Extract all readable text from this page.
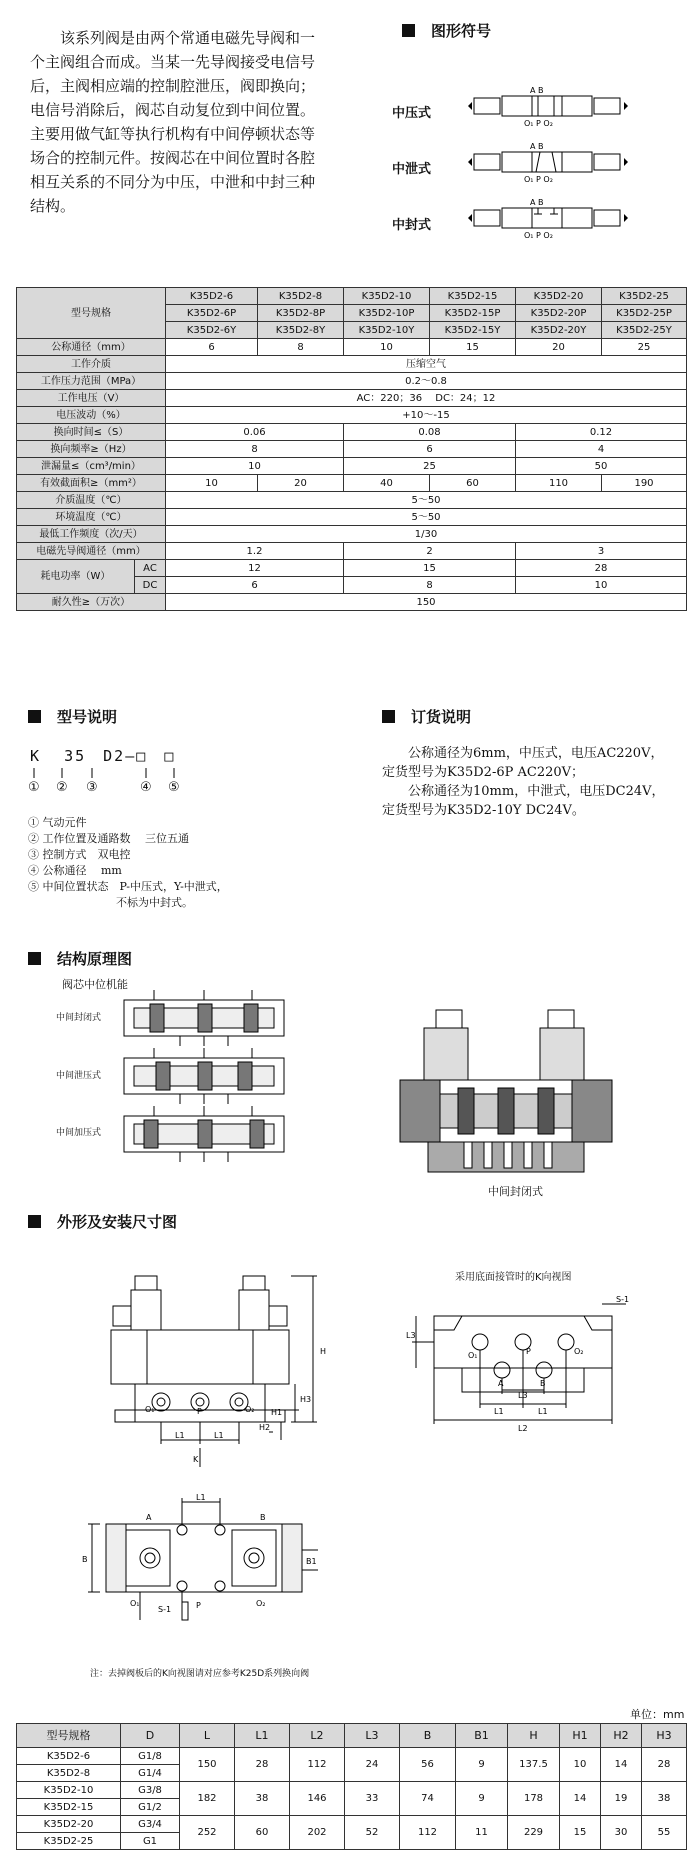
该系列阀是由两个常通电磁先导阀和一个主阀组合而成。当某一先导阀接受电信号后，主阀相应端的控制腔泄压，阀即换向；电信号消除后，阀芯自动复位到中间位置。主要用做气缸等执行机构有中间停顿状态等场合的控制元件。按阀芯在中间位置时各腔相互关系的不同分为中压，中泄和中封三种结构。

图形符号
中压式
中泄式
中封式
A B
O₁ P O₂
A B
O₁ P O₂
A B
O₁ P O₂
型号规格		K35D2-6	K35D2-8	K35D2-10	K35D2-15	K35D2-20	K35D2-25
		K35D2-6P	K35D2-8P	K35D2-10P	K35D2-15P	K35D2-20P	K35D2-25P
		K35D2-6Y	K35D2-8Y	K35D2-10Y	K35D2-15Y	K35D2-20Y	K35D2-25Y
公称通径（mm）		6	8	10	15	20	25
工作介质		压缩空气					
工作压力范围（MPa）		0.2～0.8					
工作电压（V）		AC：220；36　 DC：24；12					
电压波动（%）		+10～-15					
换向时间≤（S）		0.06		0.08		0.12	
换向频率≥（Hz）		8		6		4	
泄漏量≤（cm³/min）		10		25		50	
有效截面积≥（mm²）		10	20	40	60	110	190
介质温度（℃）		5～50					
环境温度（℃）		5～50					
最低工作频度（次/天）		1/30					
电磁先导阀通径（mm）		1.2		2		3	
耗电功率（W）	AC	12		15		28	
	DC	6		8		10	
耐久性≥（万次）		150					
型号说明
K 35 D2—□ □
① ② ③	④ ⑤
① 气动元件
② 工作位置及通路数　 三位五通
③ 控制方式　双电控
④ 公称通径　 mm
⑤ 中间位置状态　P-中压式，Y-中泄式，
　　　　　　　　不标为中封式。
订货说明

公称通径为6mm，中压式，电压AC220V，定货型号为K35D2-6P AC220V；

公称通径为10mm，中泄式，电压DC24V，定货型号为K35D2-10Y DC24V。

结构原理图
阀芯中位机能
中间封闭式
中间泄压式
中间加压式
中间封闭式
外形及安装尺寸图
H
H3
H1
H2
L1	L1
O₁	P	O₂
K
采用底面接管时的K向视图
L3
S-1
O₁	P	O₂
A	B
L3
L1	L1
L2
L1
B	B1
A	B
O₁
S-1	P	O₂
注：去掉阀板后的K向视图请对应参考K25D系列换向阀
单位：mm
型号规格	D	L	L1	L2	L3	B	B1	H	H1	H2	H3
K35D2-6	G1/8	150	28	112	24	56	9	137.5	10	14	28
K35D2-8	G1/4										
K35D2-10	G3/8	182	38	146	33	74	9	178	14	19	38
K35D2-15	G1/2										
K35D2-20	G3/4	252	60	202	52	112	11	229	15	30	55
K35D2-25	G1										
